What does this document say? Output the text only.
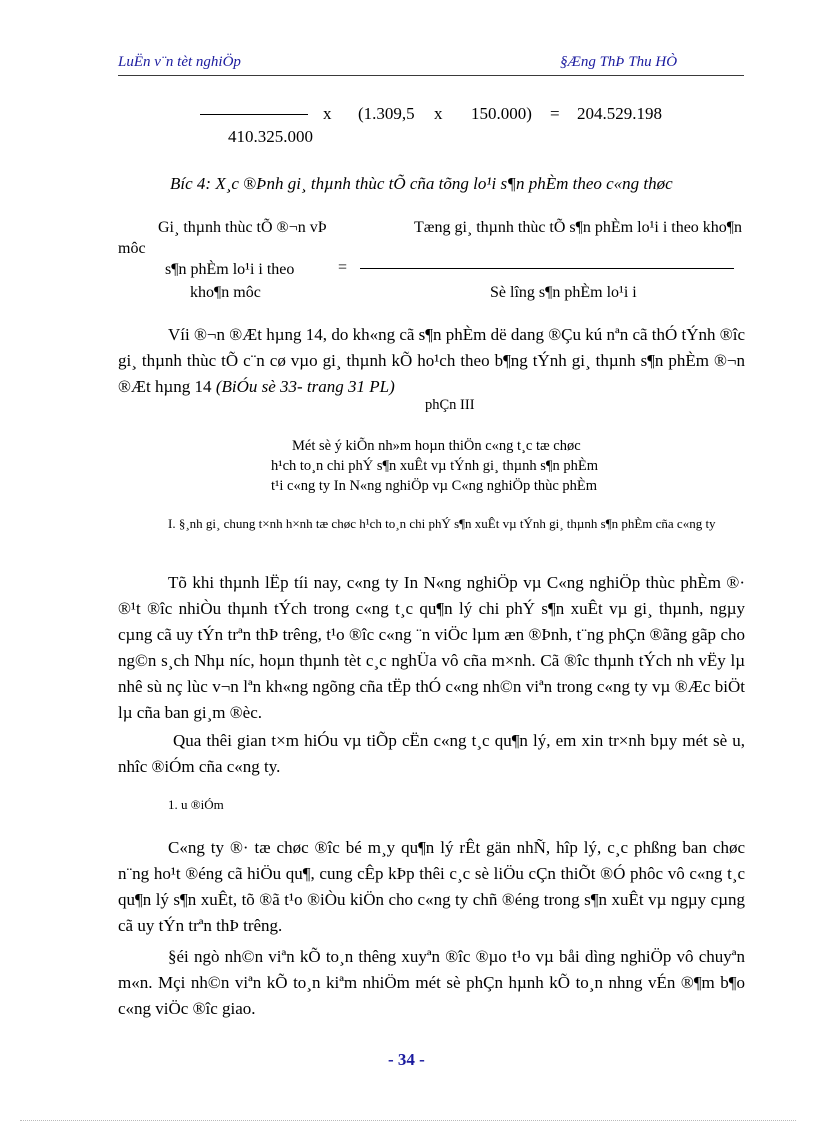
LuËn v¨n tèt nghiÖp	§Æng ThÞ Thu HÒ
x (1.309,5 x 150.000) = 204.529.198
410.325.000
Bíc 4: X¸c ®Þnh gi¸ thµnh thùc tÕ cña tõng lo¹i s¶n phÈm theo c«ng thøc
Gi¸ thµnh thùc tÕ ®¬n vÞ	Tæng gi¸ thµnh thùc tÕ s¶n phÈm lo¹i i theo kho¶n
môc
s¶n phÈm lo¹i i theo	=
kho¶n môc	Sè lîng s¶n phÈm lo¹i i
Víi ®¬n ®Æt hµng 14, do kh«ng cã s¶n phÈm dë dang ®Çu kú nªn cã thÓ tÝnh ®îc gi¸ thµnh thùc tÕ c¨n cø vµo gi¸ thµnh kÕ ho¹ch theo b¶ng tÝnh gi¸ thµnh s¶n phÈm ®¬n ®Æt hµng 14 (BiÓu sè 33- trang 31 PL)
phÇn III
Mét sè ý kiÕn nh»m hoµn thiÖn c«ng t¸c tæ chøc
h¹ch to¸n chi phÝ s¶n xuÊt vµ tÝnh gi¸ thµnh s¶n phÈm
t¹i c«ng ty In N«ng nghiÖp vµ C«ng nghiÖp thùc phÈm
I. §¸nh gi¸ chung t×nh h×nh tæ chøc h¹ch to¸n chi phÝ s¶n xuÊt vµ tÝnh gi¸ thµnh s¶n phÈm cña c«ng ty
Tõ khi thµnh lËp tíi nay, c«ng ty In N«ng nghiÖp vµ C«ng nghiÖp thùc phÈm ®· ®¹t ®îc nhiÒu thµnh tÝch trong c«ng t¸c qu¶n lý chi phÝ s¶n xuÊt vµ gi¸ thµnh, ngµy cµng cã uy tÝn trªn thÞ trêng, t¹o ®îc c«ng ¨n viÖc lµm æn ®Þnh, t¨ng phÇn ®ãng gãp cho ng©n s¸ch Nhµ níc, hoµn thµnh tèt c¸c nghÜa vô cña m×nh. Cã ®îc thµnh tÝch nh vËy lµ nhê sù nç lùc v¬n lªn kh«ng ngõng cña tËp thÓ c«ng nh©n viªn trong c«ng ty vµ ®Æc biÖt lµ cña ban gi¸m ®èc.
Qua thêi gian t×m hiÓu vµ tiÕp cËn c«ng t¸c qu¶n lý, em xin tr×nh bµy mét sè u, nhîc ®iÓm cña c«ng ty.
1. u ®iÓm
C«ng ty ®· tæ chøc ®îc bé m¸y qu¶n lý rÊt gän nhÑ, hîp lý, c¸c phßng ban chøc n¨ng ho¹t ®éng cã hiÖu qu¶, cung cÊp kÞp thêi c¸c sè liÖu cÇn thiÕt ®Ó phôc vô c«ng t¸c qu¶n lý s¶n xuÊt, tõ ®ã t¹o ®iÒu kiÖn cho c«ng ty chñ ®éng trong s¶n xuÊt vµ ngµy cµng cã uy tÝn trªn thÞ trêng.
§éi ngò nh©n viªn kÕ to¸n thêng xuyªn ®îc ®µo t¹o vµ båi dìng nghiÖp vô chuyªn m«n. Mçi nh©n viªn kÕ to¸n kiªm nhiÖm mét sè phÇn hµnh kÕ to¸n nhng vÉn ®¶m b¶o c«ng viÖc ®îc giao.
- 34 -
